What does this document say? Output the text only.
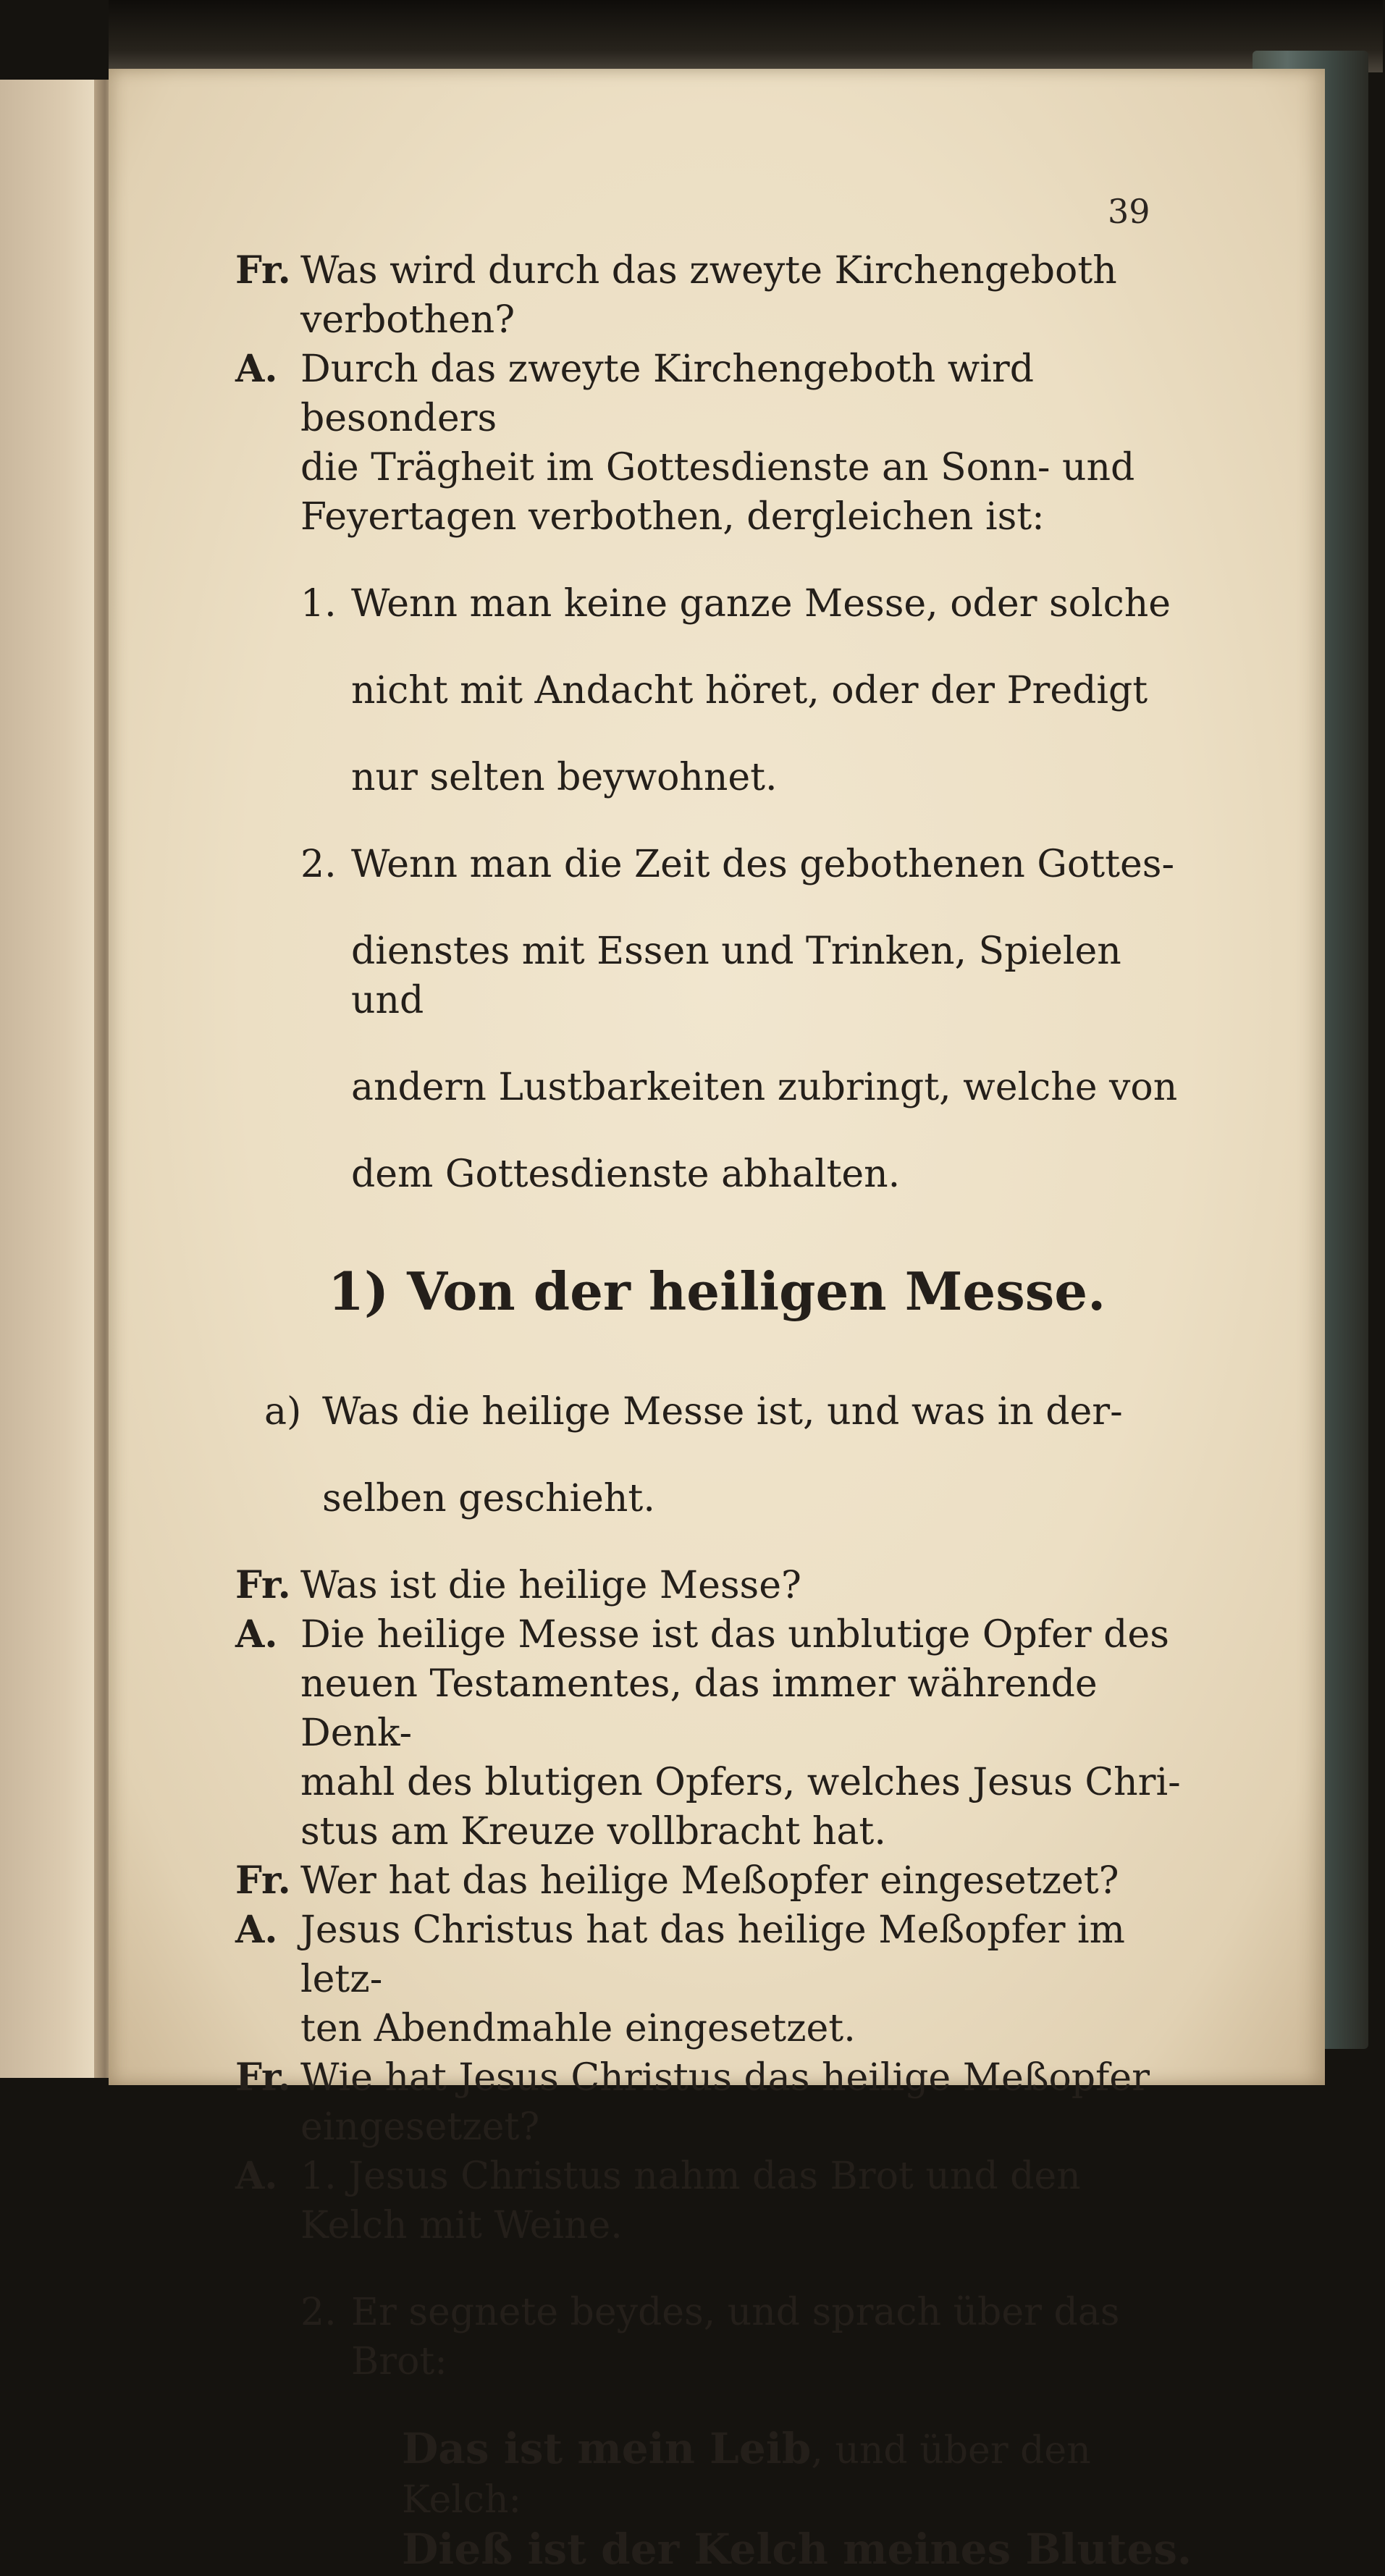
39
Fr. Was wird durch das zweyte Kirchengeboth

verbothen?

A. Durch das zweyte Kirchengeboth wird besonders

die Trägheit im Gottesdienste an Sonn- und

Feyertagen verbothen, dergleichen ist:

1. Wenn man keine ganze Messe, oder solche

nicht mit Andacht höret, oder der Predigt

nur selten beywohnet.

2. Wenn man die Zeit des gebothenen Gottes-

dienstes mit Essen und Trinken, Spielen und

andern Lustbarkeiten zubringt, welche von

dem Gottesdienste abhalten.

1) Von der heiligen Messe.
a) Was die heilige Messe ist, und was in der-

selben geschieht.

Fr. Was ist die heilige Messe?

A. Die heilige Messe ist das unblutige Opfer des

neuen Testamentes, das immer währende Denk-

mahl des blutigen Opfers, welches Jesus Chri-

stus am Kreuze vollbracht hat.

Fr. Wer hat das heilige Meßopfer eingesetzet?

A. Jesus Christus hat das heilige Meßopfer im letz-

ten Abendmahle eingesetzet.

Fr. Wie hat Jesus Christus das heilige Meßopfer

eingesetzet?

A. 1. Jesus Christus nahm das Brot und den

Kelch mit Weine.

2. Er segnete beydes, und sprach über das Brot:

Das ist mein Leib, und über den Kelch:

Dieß ist der Kelch meines Blutes.
